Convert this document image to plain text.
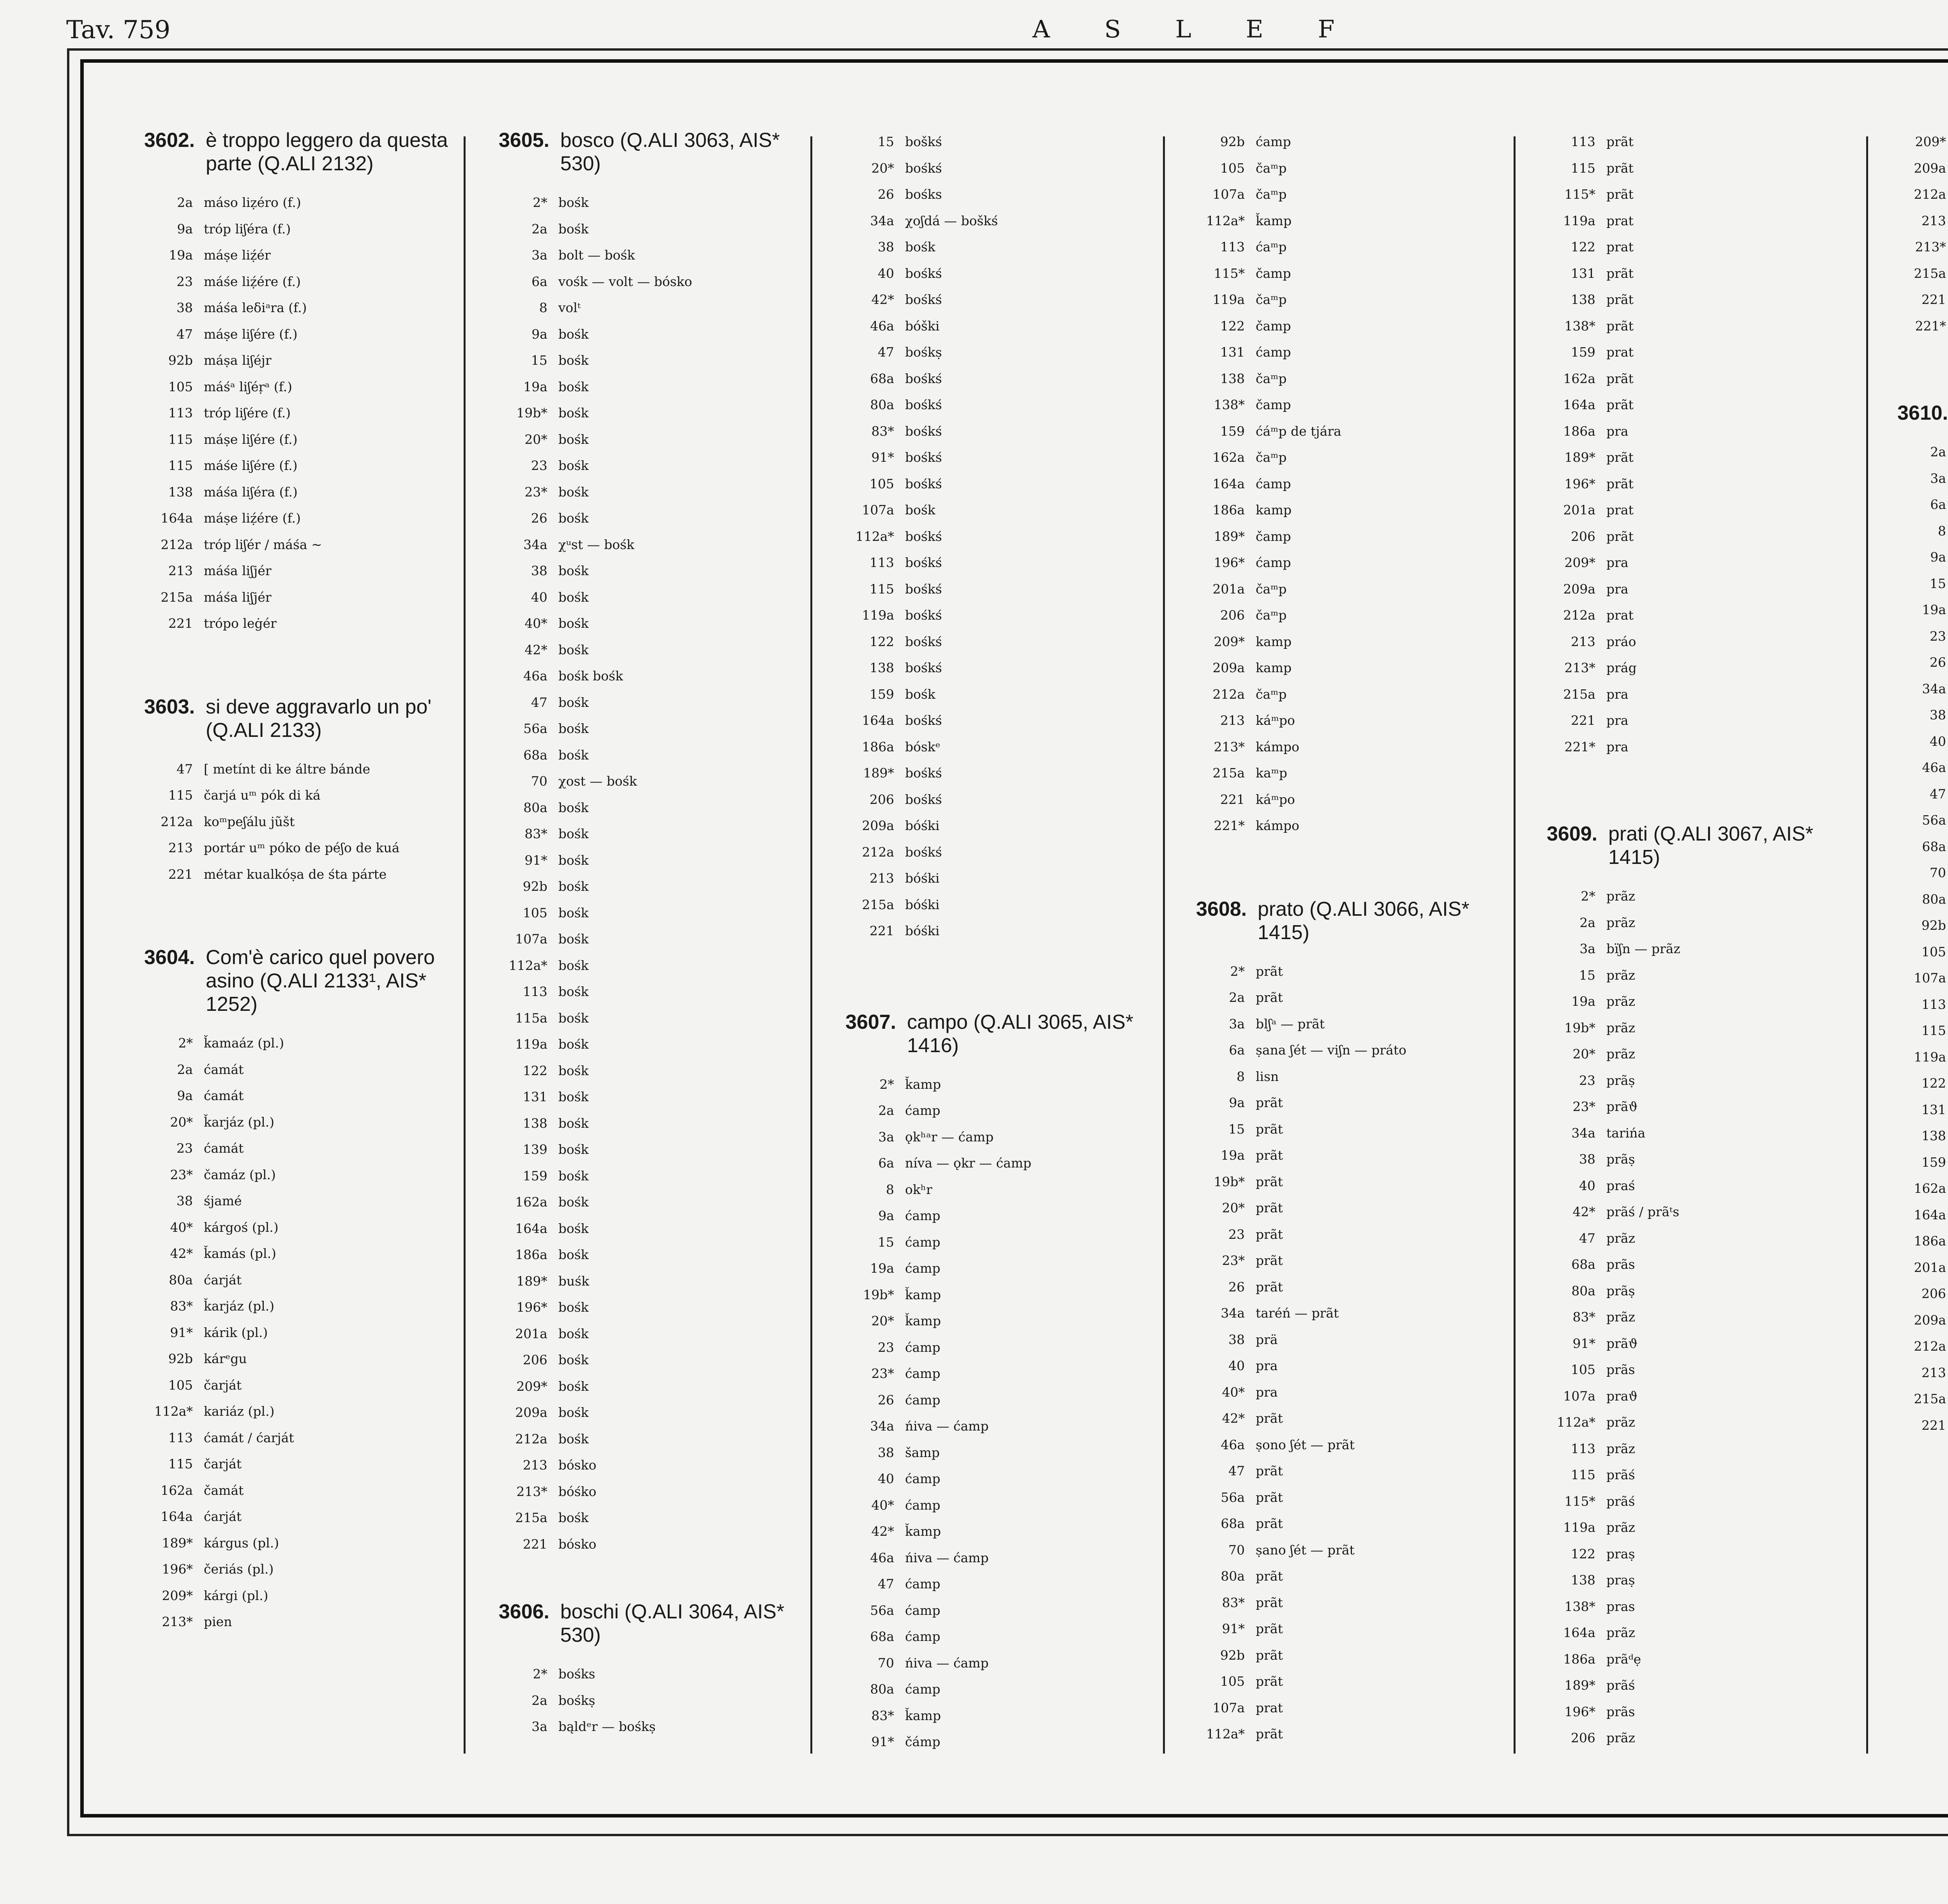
Tav. 759	A S L E F
3602. è troppo leggero da questa parte (Q.ALI 2132)
2a máso liẓéro (f.)
9a tróp liʃéra (f.)
19a máṣe liẓ́ér
23 máśe liẓ́ére (f.)
38 máśa leδiᵃra (f.)
47 máṣe liʃére (f.)
92b máṣa liʃéjr
105 máśᵃ liʃéṛᵃ (f.)
113 tróp liʃére (f.)
115 máṣe liʃére (f.)
115 máśe liʃére (f.)
138 máśa liʃéra (f.)
164a máṣe liẓ́ére (f.)
212a tróp liʃér / máśa ~
213 máśa liʃjér
215a máśa liʃjér
221 trópo leġér
3603. si deve aggravarlo un po' (Q.ALI 2133)
47 [ metínt di ke áltre bánde
115 čarjá uᵐ pók di ká
212a koᵐpeʃálu jũšt
213 portár uᵐ póko de péʃo de kuá
221 métar kualkóṣa de śta párte
3604. Com'è carico quel povero asino (Q.ALI 2133¹, AIS* 1252)
2* ǩamaáz (pl.)
2a ćamát
9a ćamát
20* ǩarjáz (pl.)
23 ćamát
23* čamáz (pl.)
38 śjamé
40* kárgoś (pl.)
42* ǩamás (pl.)
80a ćarját
83* ǩarjáz (pl.)
91* kárik (pl.)
92b kárᵉgu
105 čarját
112a* kariáz (pl.)
113 ćamát / ćarját
115 čarját
162a čamát
164a ćarját
189* kárgus (pl.)
196* čeriás (pl.)
209* kárgi (pl.)
213* pien
3605. bosco (Q.ALI 3063, AIS* 530)
2* bośk
2a bośk
3a bolt — bośk
6a vośk — volt — bósko
8 volᵗ
9a bośk
15 bośk
19a bośk
19b* bośk
20* bośk
23 bośk
23* bośk
26 bośk
34a χᵘst — bośk
38 bośk
40 bośk
40* bośk
42* bośk
46a bośk bośk
47 bośk
56a bośk
68a bośk
70 χost — bośk
80a bośk
83* bośk
91* bośk
92b bośk
105 bośk
107a bośk
112a* bośk
113 bośk
115a bośk
119a bośk
122 bośk
131 bośk
138 bośk
139 bośk
159 bośk
162a bośk
164a bośk
186a bośk
189* buśk
196* bośk
201a bośk
206 bośk
209* bośk
209a bośk
212a bośk
213 bósko
213* bóśko
215a bośk
221 bósko
3606. boschi (Q.ALI 3064, AIS* 530)
2* bośks
2a bośkṣ
3a bąldᵉr — bośkṣ
15 boškś
20* bośkś
26 bośks
34a χoʃdá — boškś
38 bośk
40 bośkś
42* bośkś
46a bóški
47 bośkṣ
68a bośkś
80a bośkś
83* bośkś
91* bośkś
105 bośkś
107a bośk
112a* bośkś
113 bośkś
115 bośkś
119a bośkś
122 bośkś
138 bośkś
159 bośk
164a bośkś
186a bóskᵉ
189* bośkś
206 bośkś
209a bóśki
212a bośkś
213 bóśki
215a bóśki
221 bóśki
3607. campo (Q.ALI 3065, AIS* 1416)
2* ǩamp
2a ćamp
3a ǫkʰᵃr — ćamp
6a níva — ǫkr — ćamp
8 okʰr
9a ćamp
15 ćamp
19a ćamp
19b* ǩamp
20* ǩamp
23 ćamp
23* ćamp
26 ćamp
34a ńiva — ćamp
38 šamp
40 ćamp
40* ćamp
42* ǩamp
46a ńiva — ćamp
47 ćamp
56a ćamp
68a ćamp
70 ńiva — ćamp
80a ćamp
83* ǩamp
91* čámp
92b ćamp
105 čaᵐp
107a čaᵐp
112a* ǩamp
113 ćaᵐp
115* čamp
119a čaᵐp
122 čamp
131 ćamp
138 čaᵐp
138* čamp
159 ćáᵐp de tjára
162a čaᵐp
164a ćamp
186a kamp
189* čamp
196* ćamp
201a čaᵐp
206 čaᵐp
209* kamp
209a kamp
212a čaᵐp
213 káᵐpo
213* kámpo
215a kaᵐp
221 káᵐpo
221* kámpo
3608. prato (Q.ALI 3066, AIS* 1415)
2* prãt
2a prãt
3a blʃᵃ — prãt
6a ṣana ʃét — viʃn — práto
8 lisn
9a prãt
15 prãt
19a prãt
19b* prãt
20* prãt
23 prãt
23* prãt
26 prãt
34a taréń — prãt
38 prä
40 pra
40* pra
42* prãt
46a ṣono ʃét — prãt
47 prãt
56a prãt
68a prãt
70 ṣano ʃét — prãt
80a prãt
83* prãt
91* prãt
92b prãt
105 prãt
107a prat
112a* prãt
113 prãt
115 prãt
115* prãt
119a prat
122 prat
131 prãt
138 prãt
138* prãt
159 prat
162a prãt
164a prãt
186a pra
189* prãt
196* prãt
201a prat
206 prãt
209* pra
209a pra
212a prat
213 práo
213* prág
215a pra
221 pra
221* pra
3609. prati (Q.ALI 3067, AIS* 1415)
2* prãz
2a prãz
3a bïʃn — prãz
15 prãz
19a prãz
19b* prãz
20* prãz
23 prãṣ
23* prãϑ
34a tarińa
38 prãṣ
40 praś
42* prãś / prãᵗs
47 prãz
68a prãs
80a prãṣ
83* prãz
91* prãϑ
105 prãs
107a praϑ
112a* prãz
113 prãz
115 prãś
115* prãś
119a prãz
122 praṣ
138 praṣ
138* pras
164a prãz
186a prãᵈẹ
189* prãś
196* prãs
206 prãz
209*
209a
212a
213
213*
215a
221
221*
3610.
2a
3a
6a
8
9a
15
19a
23
26
34a
38
40
46a
47
56a
68a
70
80a
92b
105
107a
113
115
119a
122
131
138
159
162a
164a
186a
201a
206
209a
212a
213
215a
221
